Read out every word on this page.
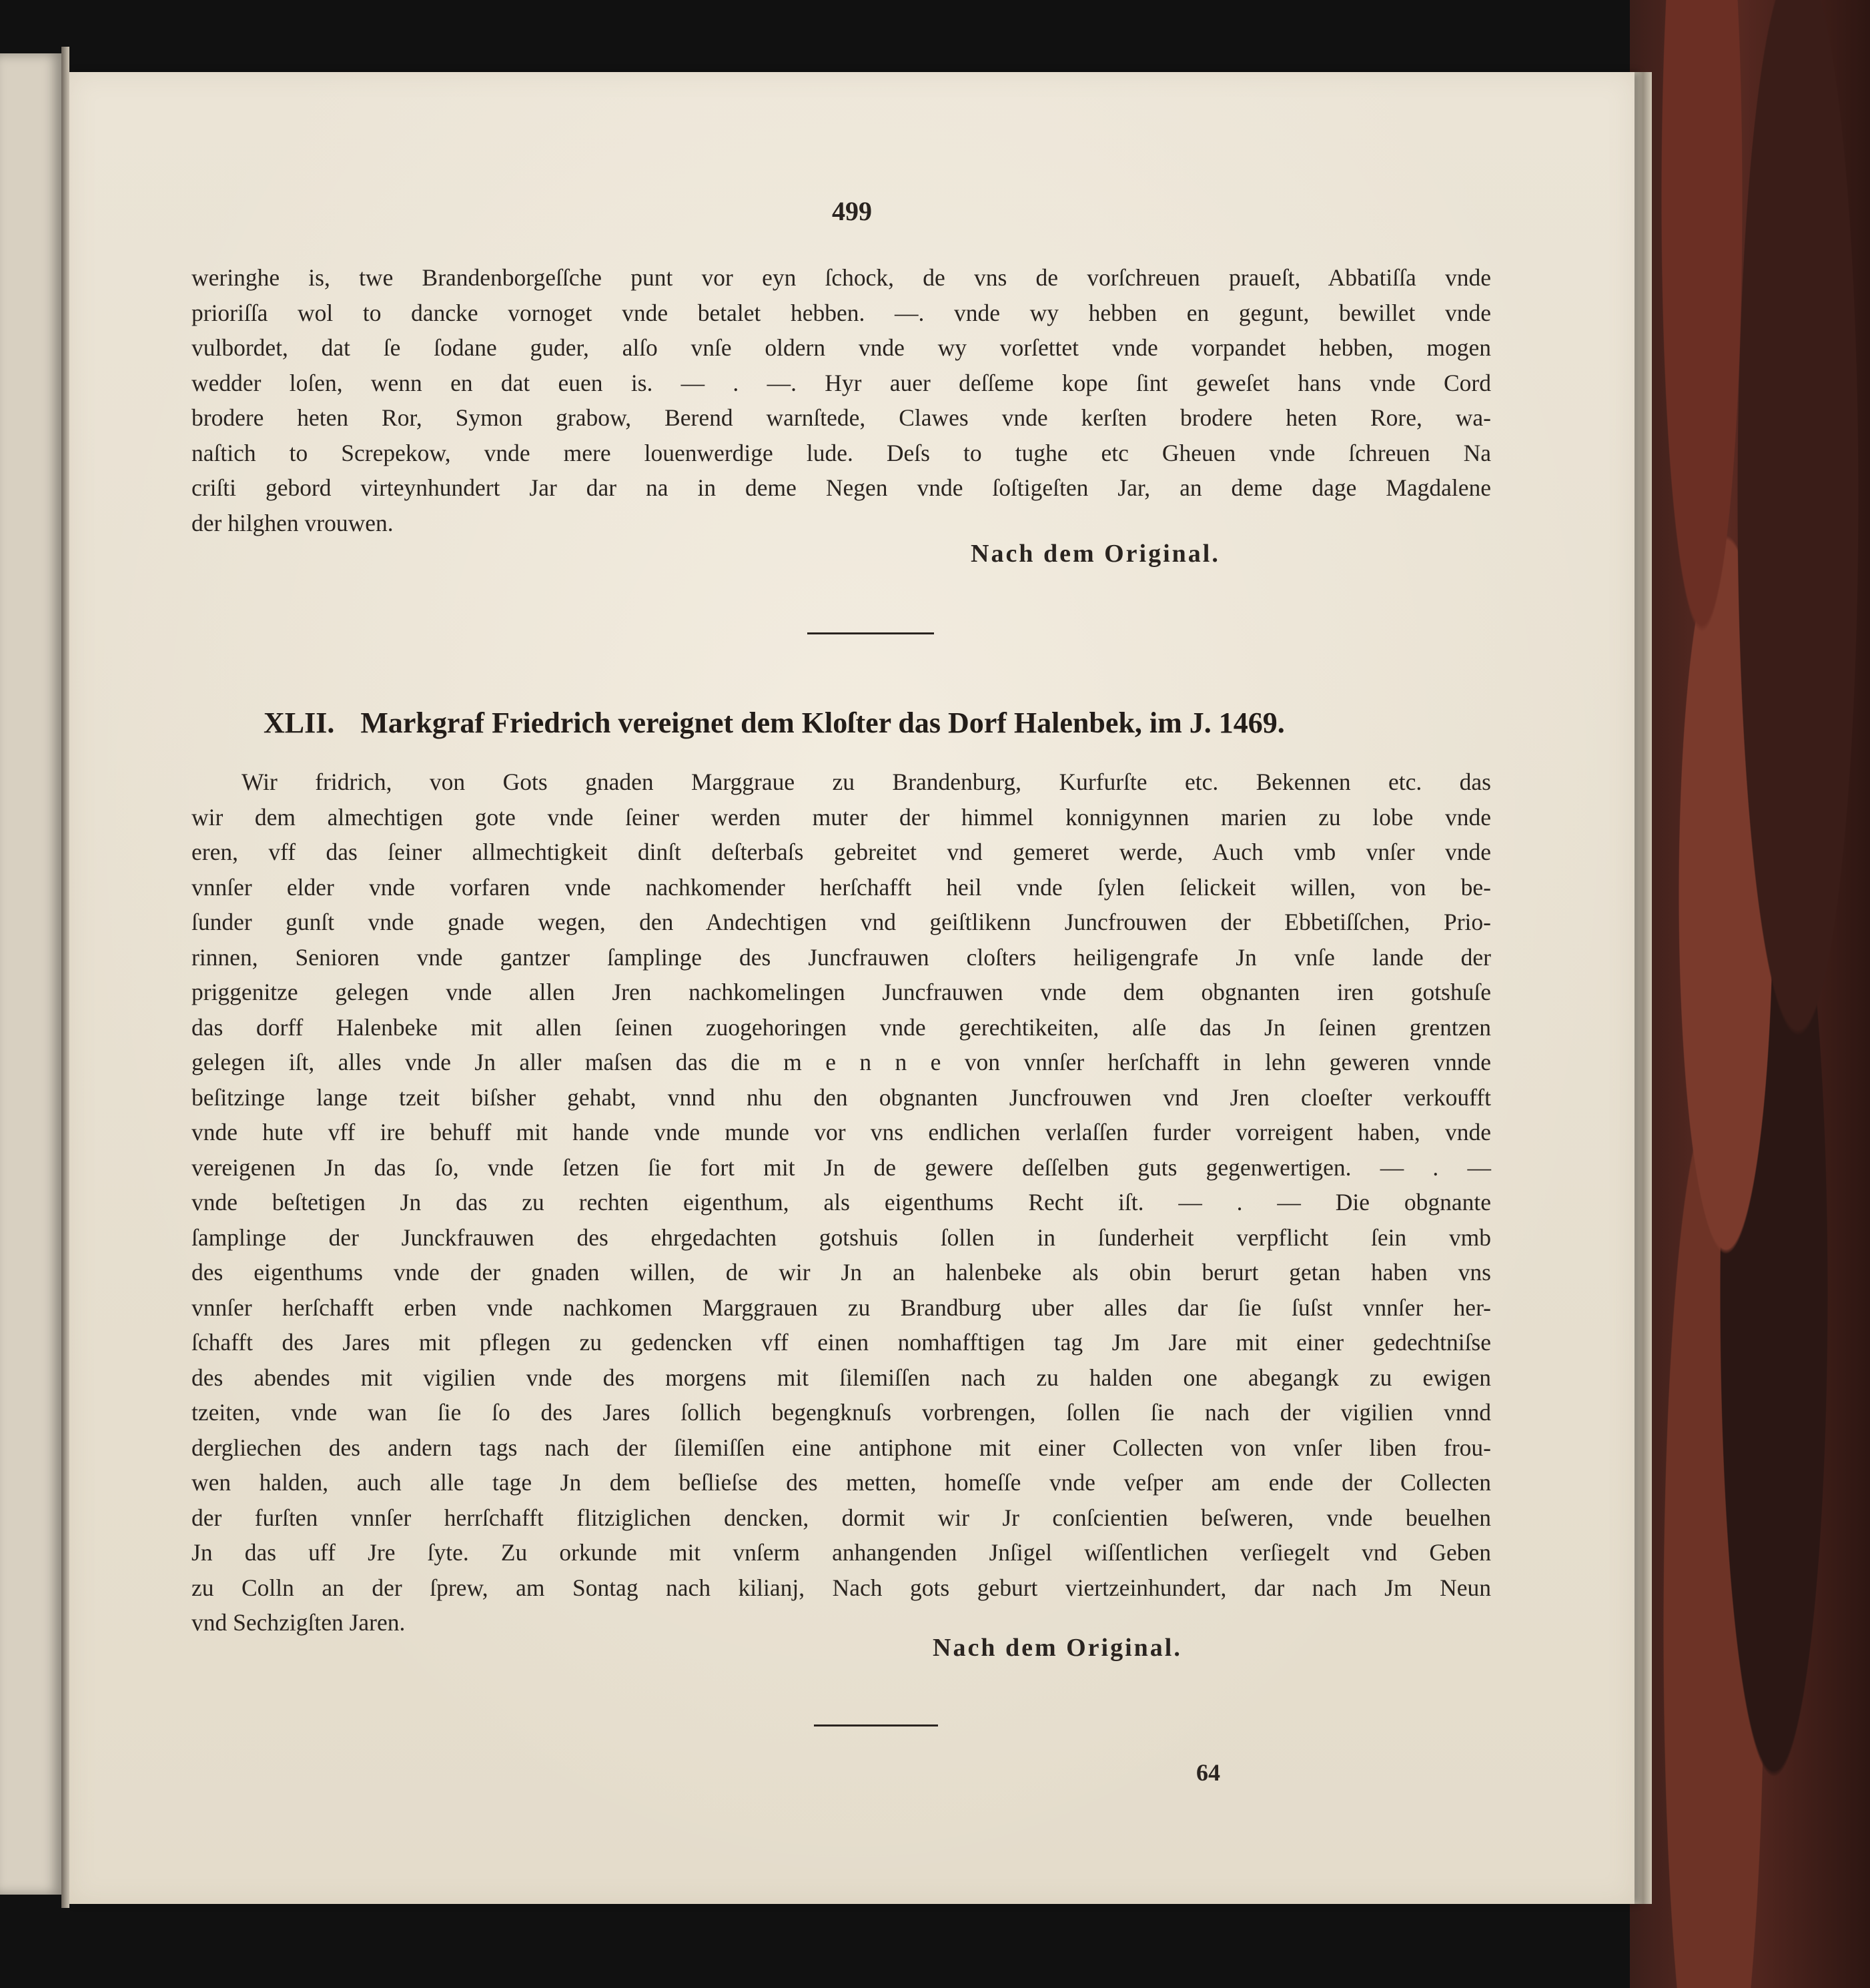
499

weringhe is, twe Brandenborgeſſche punt vor eyn ſchock, de vns de vorſchreuen praueſt, Abbatiſſa vnde
prioriſſa wol to dancke vornoget vnde betalet hebben. —. vnde wy hebben en gegunt, bewillet vnde
vulbordet, dat ſe ſodane guder, alſo vnſe oldern vnde wy vorſettet vnde vorpandet hebben, mogen
wedder loſen, wenn en dat euen is. — . —. Hyr auer deſſeme kope ſint geweſet hans vnde Cord
brodere heten Ror, Symon grabow, Berend warnſtede, Clawes vnde kerſten brodere heten Rore, wa-
naſtich to Screpekow, vnde mere louenwerdige lude. Deſs to tughe etc Gheuen vnde ſchreuen Na
criſti gebord virteynhundert Jar dar na in deme Negen vnde ſoſtigeſten Jar, an deme dage Magdalene
der hilghen vrouwen.

Nach dem Original.
XLII. Markgraf Friedrich vereignet dem Kloſter das Dorf Halenbek, im J. 1469.

Wir fridrich, von Gots gnaden Marggraue zu Brandenburg, Kurfurſte etc. Bekennen etc. das
wir dem almechtigen gote vnde ſeiner werden muter der himmel konnigynnen marien zu lobe vnde
eren, vff das ſeiner allmechtigkeit dinſt deſterbaſs gebreitet vnd gemeret werde, Auch vmb vnſer vnde
vnnſer elder vnde vorfaren vnde nachkomender herſchafft heil vnde ſylen ſelickeit willen, von be-
ſunder gunſt vnde gnade wegen, den Andechtigen vnd geiſtlikenn Juncfrouwen der Ebbetiſſchen, Prio-
rinnen, Senioren vnde gantzer ſamplinge des Juncfrauwen cloſters heiligengrafe Jn vnſe lande der
priggenitze gelegen vnde allen Jren nachkomelingen Juncfrauwen vnde dem obgnanten iren gotshuſe
das dorff Halenbeke mit allen ſeinen zuogehoringen vnde gerechtikeiten, alſe das Jn ſeinen grentzen
gelegen iſt, alles vnde Jn aller maſsen das die m e n n e von vnnſer herſchafft in lehn geweren vnnde
beſitzinge lange tzeit biſsher gehabt, vnnd nhu den obgnanten Juncfrouwen vnd Jren cloeſter verkoufft
vnde hute vff ire behuff mit hande vnde munde vor vns endlichen verlaſſen furder vorreigent haben, vnde
vereigenen Jn das ſo, vnde ſetzen ſie fort mit Jn de gewere deſſelben guts gegenwertigen. — . —
vnde beſtetigen Jn das zu rechten eigenthum, als eigenthums Recht iſt. — . — Die obgnante
ſamplinge der Junckfrauwen des ehrgedachten gotshuis ſollen in ſunderheit verpflicht ſein vmb
des eigenthums vnde der gnaden willen, de wir Jn an halenbeke als obin berurt getan haben vns
vnnſer herſchafft erben vnde nachkomen Marggrauen zu Brandburg uber alles dar ſie ſuſst vnnſer her-
ſchafft des Jares mit pflegen zu gedencken vff einen nomhafftigen tag Jm Jare mit einer gedechtniſse
des abendes mit vigilien vnde des morgens mit ſilemiſſen nach zu halden one abegangk zu ewigen
tzeiten, vnde wan ſie ſo des Jares ſollich begengknuſs vorbrengen, ſollen ſie nach der vigilien vnnd
dergliechen des andern tags nach der ſilemiſſen eine antiphone mit einer Collecten von vnſer liben frou-
wen halden, auch alle tage Jn dem beſlieſse des metten, homeſſe vnde veſper am ende der Collecten
der furſten vnnſer herrſchafft flitziglichen dencken, dormit wir Jr conſcientien beſweren, vnde beuelhen
Jn das uff Jre ſyte. Zu orkunde mit vnſerm anhangenden Jnſigel wiſſentlichen verſiegelt vnd Geben
zu Colln an der ſprew, am Sontag nach kilianj, Nach gots geburt viertzeinhundert, dar nach Jm Neun
vnd Sechzigſten Jaren.

Nach dem Original.
64
